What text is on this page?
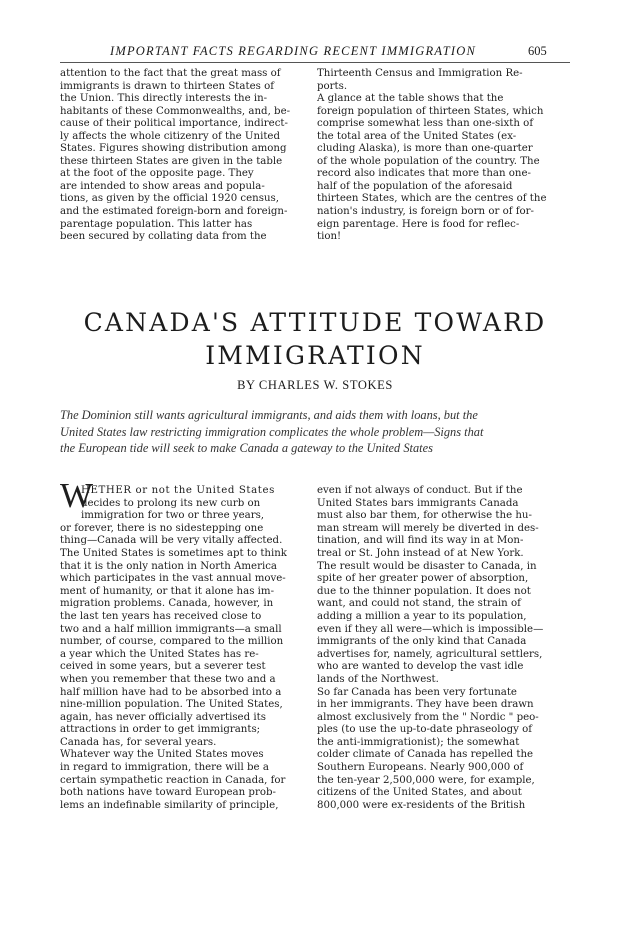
IMPORTANT FACTS REGARDING RECENT IMMIGRATION	605
attention to the fact that the great mass of
immigrants is drawn to thirteen States of
the Union. This directly interests the in-
habitants of these Commonwealths, and, be-
cause of their political importance, indirect-
ly affects the whole citizenry of the United
States. Figures showing distribution among
these thirteen States are given in the table
at the foot of the opposite page. They
are intended to show areas and popula-
tions, as given by the official 1920 census,
and the estimated foreign-born and foreign-
parentage population. This latter has
been secured by collating data from the
Thirteenth Census and Immigration Re-
ports.
A glance at the table shows that the
foreign population of thirteen States, which
comprise somewhat less than one-sixth of
the total area of the United States (ex-
cluding Alaska), is more than one-quarter
of the whole population of the country. The
record also indicates that more than one-
half of the population of the aforesaid
thirteen States, which are the centres of the
nation's industry, is foreign born or of for-
eign parentage. Here is food for reflec-
tion!
CANADA'S ATTITUDE TOWARD
IMMIGRATION
BY CHARLES W. STOKES
The Dominion still wants agricultural immigrants, and aids them with loans, but the
United States law restricting immigration complicates the whole problem—Signs that
the European tide will seek to make Canada a gateway to the United States
W
HETHER or not the United States
decides to prolong its new curb on
immigration for two or three years,
or forever, there is no sidestepping one
thing—Canada will be very vitally affected.
The United States is sometimes apt to think
that it is the only nation in North America
which participates in the vast annual move-
ment of humanity, or that it alone has im-
migration problems. Canada, however, in
the last ten years has received close to
two and a half million immigrants—a small
number, of course, compared to the million
a year which the United States has re-
ceived in some years, but a severer test
when you remember that these two and a
half million have had to be absorbed into a
nine-million population. The United States,
again, has never officially advertised its
attractions in order to get immigrants;
Canada has, for several years.
Whatever way the United States moves
in regard to immigration, there will be a
certain sympathetic reaction in Canada, for
both nations have toward European prob-
lems an indefinable similarity of principle,
even if not always of conduct. But if the
United States bars immigrants Canada
must also bar them, for otherwise the hu-
man stream will merely be diverted in des-
tination, and will find its way in at Mon-
treal or St. John instead of at New York.
The result would be disaster to Canada, in
spite of her greater power of absorption,
due to the thinner population. It does not
want, and could not stand, the strain of
adding a million a year to its population,
even if they all were—which is impossible—
immigrants of the only kind that Canada
advertises for, namely, agricultural settlers,
who are wanted to develop the vast idle
lands of the Northwest.
So far Canada has been very fortunate
in her immigrants. They have been drawn
almost exclusively from the " Nordic " peo-
ples (to use the up-to-date phraseology of
the anti-immigrationist); the somewhat
colder climate of Canada has repelled the
Southern Europeans. Nearly 900,000 of
the ten-year 2,500,000 were, for example,
citizens of the United States, and about
800,000 were ex-residents of the British
